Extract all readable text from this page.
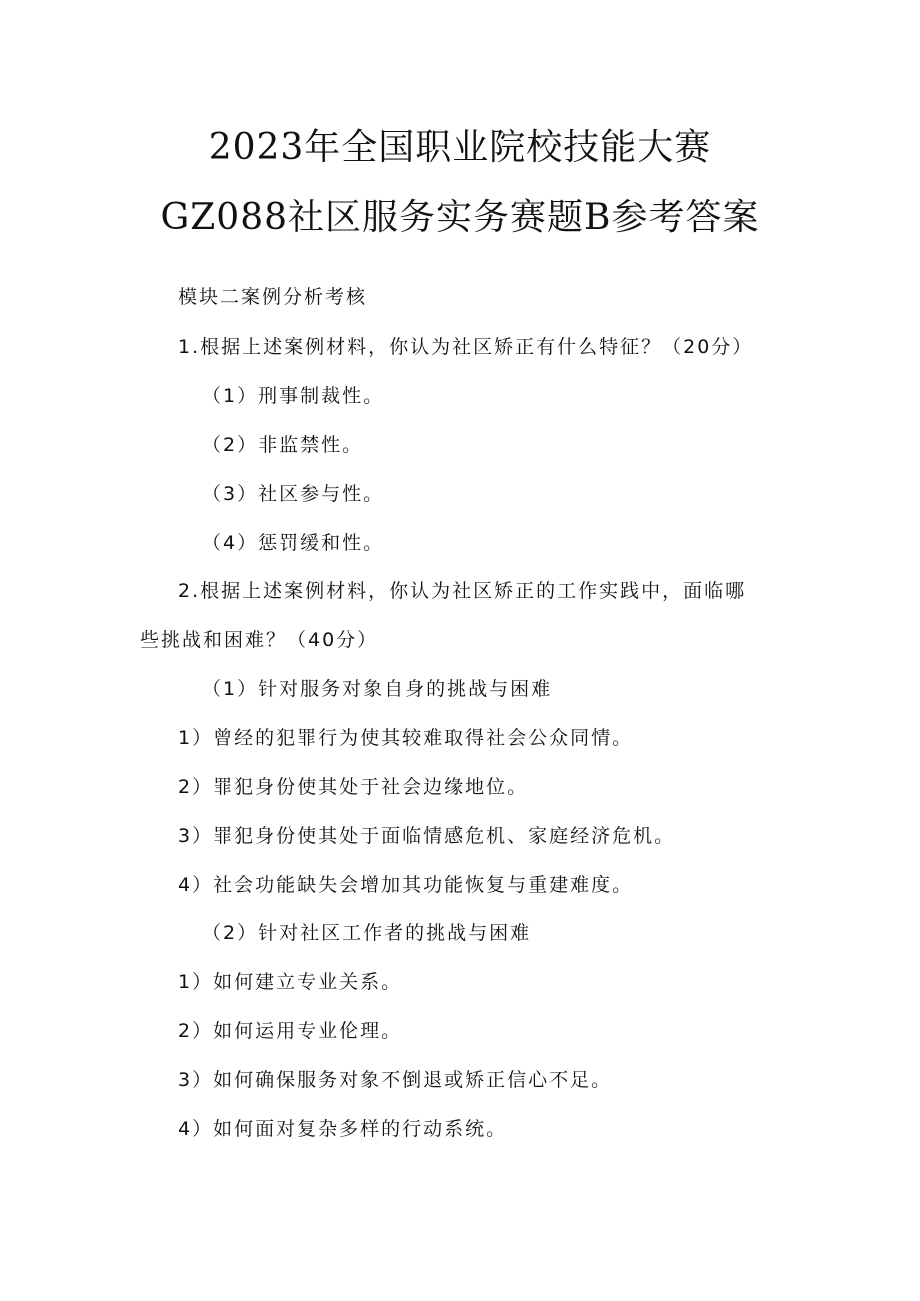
2023年全国职业院校技能大赛
GZ088社区服务实务赛题B参考答案
模块二案例分析考核
1.根据上述案例材料，你认为社区矫正有什么特征？（20分）
（1）刑事制裁性。
（2）非监禁性。
（3）社区参与性。
（4）惩罚缓和性。
2.根据上述案例材料，你认为社区矫正的工作实践中，面临哪
些挑战和困难？（40分）
（1）针对服务对象自身的挑战与困难
1）曾经的犯罪行为使其较难取得社会公众同情。
2）罪犯身份使其处于社会边缘地位。
3）罪犯身份使其处于面临情感危机、家庭经济危机。
4）社会功能缺失会增加其功能恢复与重建难度。
（2）针对社区工作者的挑战与困难
1）如何建立专业关系。
2）如何运用专业伦理。
3）如何确保服务对象不倒退或矫正信心不足。
4）如何面对复杂多样的行动系统。
